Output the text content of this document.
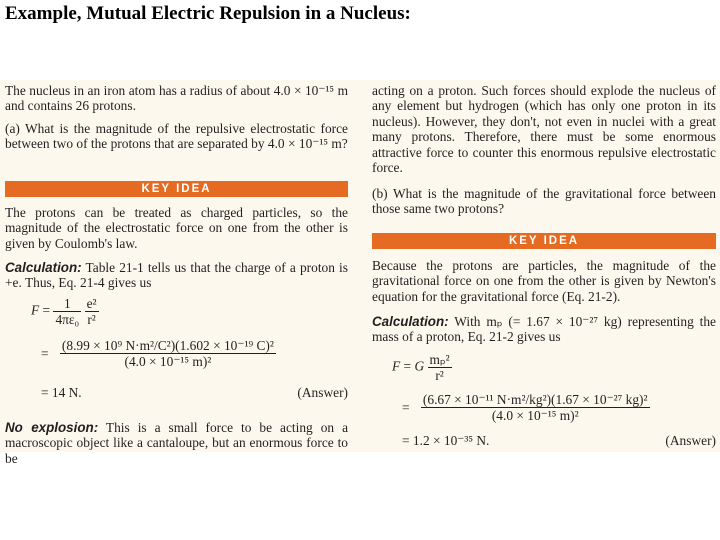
Example, Mutual Electric Repulsion in a Nucleus:
The nucleus in an iron atom has a radius of about 4.0 × 10⁻¹⁵ m and contains 26 protons.
(a) What is the magnitude of the repulsive electrostatic force between two of the protons that are separated by 4.0 × 10⁻¹⁵ m?
KEY IDEA
The protons can be treated as charged particles, so the magnitude of the electrostatic force on one from the other is given by Coulomb's law.
Calculation: Table 21-1 tells us that the charge of a proton is +e. Thus, Eq. 21-4 gives us
$F = \frac{1}{\text{4πε₀}}$
$\frac{\text{e²}}{\text{r²}}$
= $\frac{\text{(8.99 × 10⁹ N·m²/C²)(1.602 × 10⁻¹⁹ C)²}}{\text{(4.0 × 10⁻¹⁵ m)²}}$
= 14 N.	(Answer)
No explosion: This is a small force to be acting on a macroscopic object like a cantaloupe, but an enormous force to be
acting on a proton. Such forces should explode the nucleus of any element but hydrogen (which has only one proton in its nucleus). However, they don't, not even in nuclei with a great many protons. Therefore, there must be some enormous attractive force to counter this enormous repulsive electrostatic force.
(b) What is the magnitude of the gravitational force between those same two protons?
KEY IDEA
Because the protons are particles, the magnitude of the gravitational force on one from the other is given by Newton's equation for the gravitational force (Eq. 21-2).
Calculation: With mₚ (= 1.67 × 10⁻²⁷ kg) representing the mass of a proton, Eq. 21-2 gives us
F = G $\frac{\text{mₚ²}}{\text{r²}}$
= $\frac{\text{(6.67 × 10⁻¹¹ N·m²/kg²)(1.67 × 10⁻²⁷ kg)²}}{\text{(4.0 × 10⁻¹⁵ m)²}}$
= 1.2 × 10⁻³⁵ N.	(Answer)
